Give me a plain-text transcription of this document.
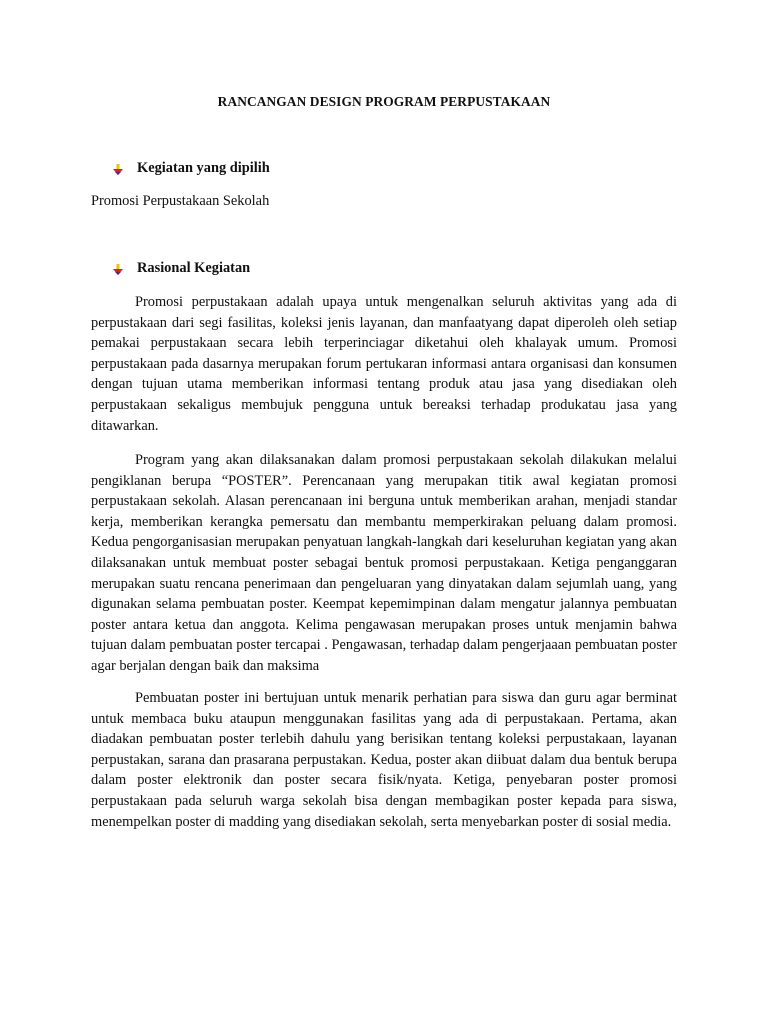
RANCANGAN DESIGN PROGRAM PERPUSTAKAAN
Kegiatan yang dipilih
Promosi Perpustakaan Sekolah
Rasional Kegiatan

Promosi perpustakaan adalah upaya untuk mengenalkan seluruh aktivitas yang ada di perpustakaan dari segi fasilitas, koleksi jenis layanan, dan manfaatyang dapat diperoleh oleh setiap pemakai perpustakaan secara lebih terperinciagar diketahui oleh khalayak umum. Promosi perpustakaan pada dasarnya merupakan forum pertukaran informasi antara organisasi dan konsumen dengan tujuan utama memberikan informasi tentang produk atau jasa yang disediakan oleh perpustakaan sekaligus membujuk pengguna untuk bereaksi terhadap produkatau jasa yang ditawarkan.

Program yang akan dilaksanakan dalam promosi perpustakaan sekolah dilakukan melalui pengiklanan berupa “POSTER”. Perencanaan yang merupakan titik awal kegiatan promosi perpustakaan sekolah. Alasan perencanaan ini berguna untuk memberikan arahan, menjadi standar kerja, memberikan kerangka pemersatu dan membantu memperkirakan peluang dalam promosi. Kedua pengorganisasian merupakan penyatuan langkah-langkah dari keseluruhan kegiatan yang akan dilaksanakan untuk membuat poster sebagai bentuk promosi perpustakaan. Ketiga penganggaran merupakan suatu rencana penerimaan dan pengeluaran yang dinyatakan dalam sejumlah uang, yang digunakan selama pembuatan poster. Keempat kepemimpinan dalam mengatur jalannya pembuatan poster antara ketua dan anggota. Kelima pengawasan merupakan proses untuk menjamin bahwa tujuan dalam pembuatan poster tercapai . Pengawasan, terhadap dalam pengerjaaan pembuatan poster agar berjalan dengan baik dan maksima

Pembuatan poster ini bertujuan untuk menarik perhatian para siswa dan guru agar berminat untuk membaca buku ataupun menggunakan fasilitas yang ada di perpustakaan. Pertama, akan diadakan pembuatan poster terlebih dahulu yang berisikan tentang koleksi perpustakaan, layanan perpustakan, sarana dan prasarana perpustakan. Kedua, poster akan diibuat dalam dua bentuk berupa dalam poster elektronik dan poster secara fisik/nyata. Ketiga, penyebaran poster promosi perpustakaan pada seluruh warga sekolah bisa dengan membagikan poster kepada para siswa, menempelkan poster di madding yang disediakan sekolah, serta menyebarkan poster di sosial media.
